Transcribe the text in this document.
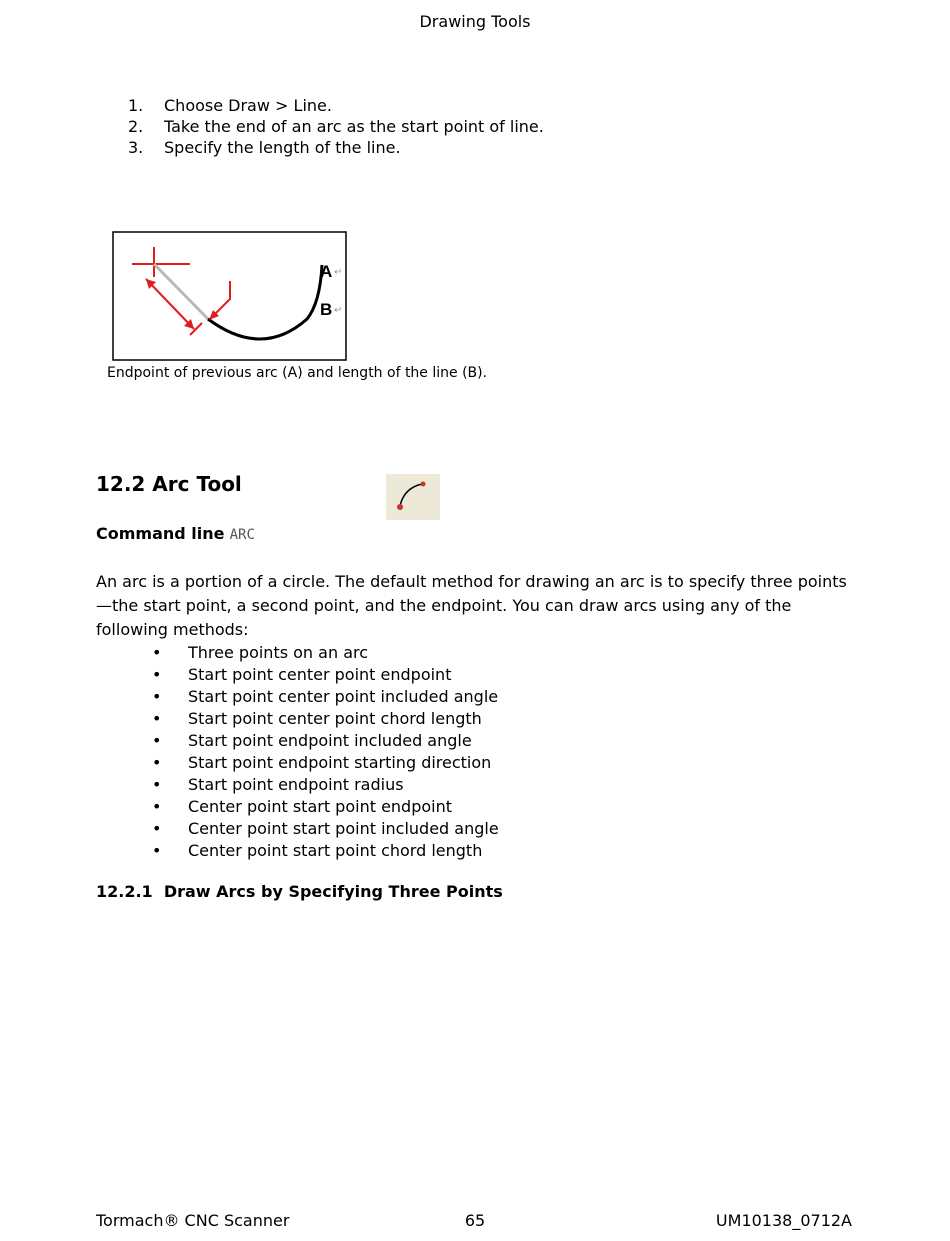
Drawing Tools
1.	Choose Draw > Line.
2.	Take the end of an arc as the start point of line.
3.	Specify the length of the line.
A
B
↵
↵
Endpoint of previous arc (A) and length of the line (B).
12.2 Arc Tool
Command line ARC
An arc is a portion of a circle. The default method for drawing an arc is to specify three points—the start point, a second point, and the endpoint. You can draw arcs using any of the following methods:
•	Three points on an arc
•	Start point center point endpoint
•	Start point center point included angle
•	Start point center point chord length
•	Start point endpoint included angle
•	Start point endpoint starting direction
•	Start point endpoint radius
•	Center point start point endpoint
•	Center point start point included angle
•	Center point start point chord length
12.2.1  Draw Arcs by Specifying Three Points
Tormach® CNC Scanner	65	UM10138_0712A
